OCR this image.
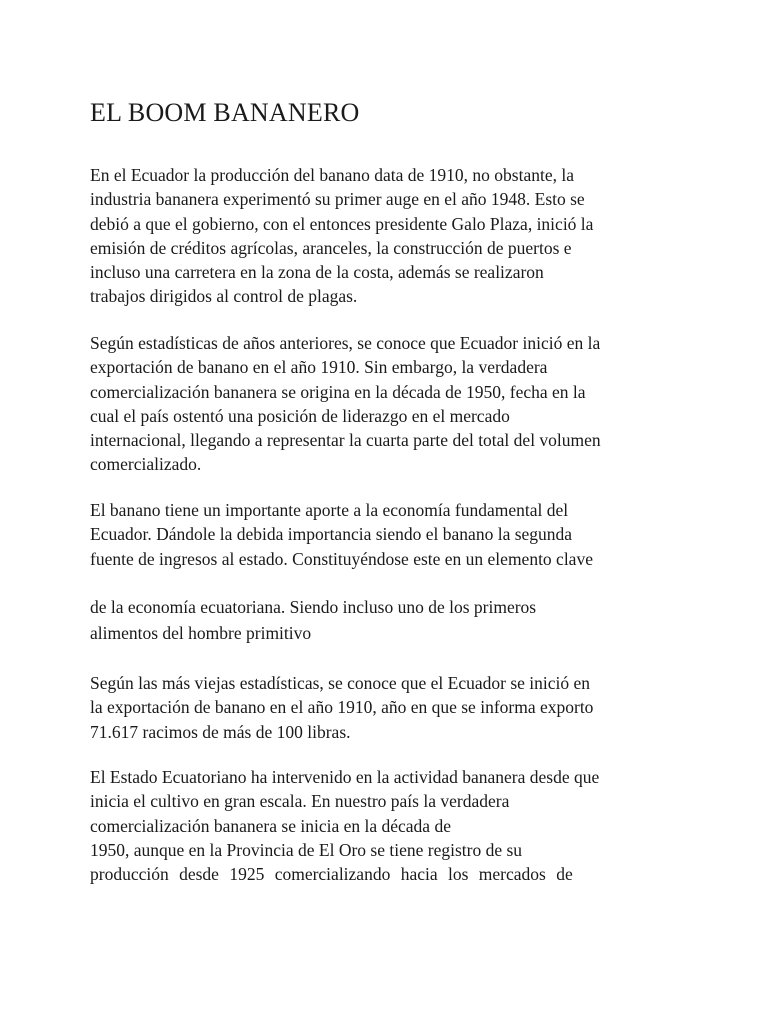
EL BOOM BANANERO
En el Ecuador la producción del banano data de 1910, no obstante, la
industria bananera experimentó su primer auge en el año 1948. Esto se
debió a que el gobierno, con el entonces presidente Galo Plaza, inició la
emisión de créditos agrícolas, aranceles, la construcción de puertos e
incluso una carretera en la zona de la costa, además se realizaron
trabajos dirigidos al control de plagas.
Según estadísticas de años anteriores, se conoce que Ecuador inició en la
exportación de banano en el año 1910. Sin embargo, la verdadera
comercialización bananera se origina en la década de 1950, fecha en la
cual el país ostentó una posición de liderazgo en el mercado
internacional, llegando a representar la cuarta parte del total del volumen
comercializado.
El banano tiene un importante aporte a la economía fundamental del
Ecuador. Dándole la debida importancia siendo el banano la segunda
fuente de ingresos al estado. Constituyéndose este en un elemento clave
de la economía ecuatoriana. Siendo incluso uno de los primeros
alimentos del hombre primitivo
Según las más viejas estadísticas, se conoce que el Ecuador se inició en
la exportación de banano en el año 1910, año en que se informa exporto
71.617 racimos de más de 100 libras.
El Estado Ecuatoriano ha intervenido en la actividad bananera desde que
inicia el cultivo en gran escala. En nuestro país la verdadera
comercialización bananera se inicia en la década de
1950, aunque en la Provincia de El Oro se tiene registro de su
producción desde 1925 comercializando hacia los mercados de
